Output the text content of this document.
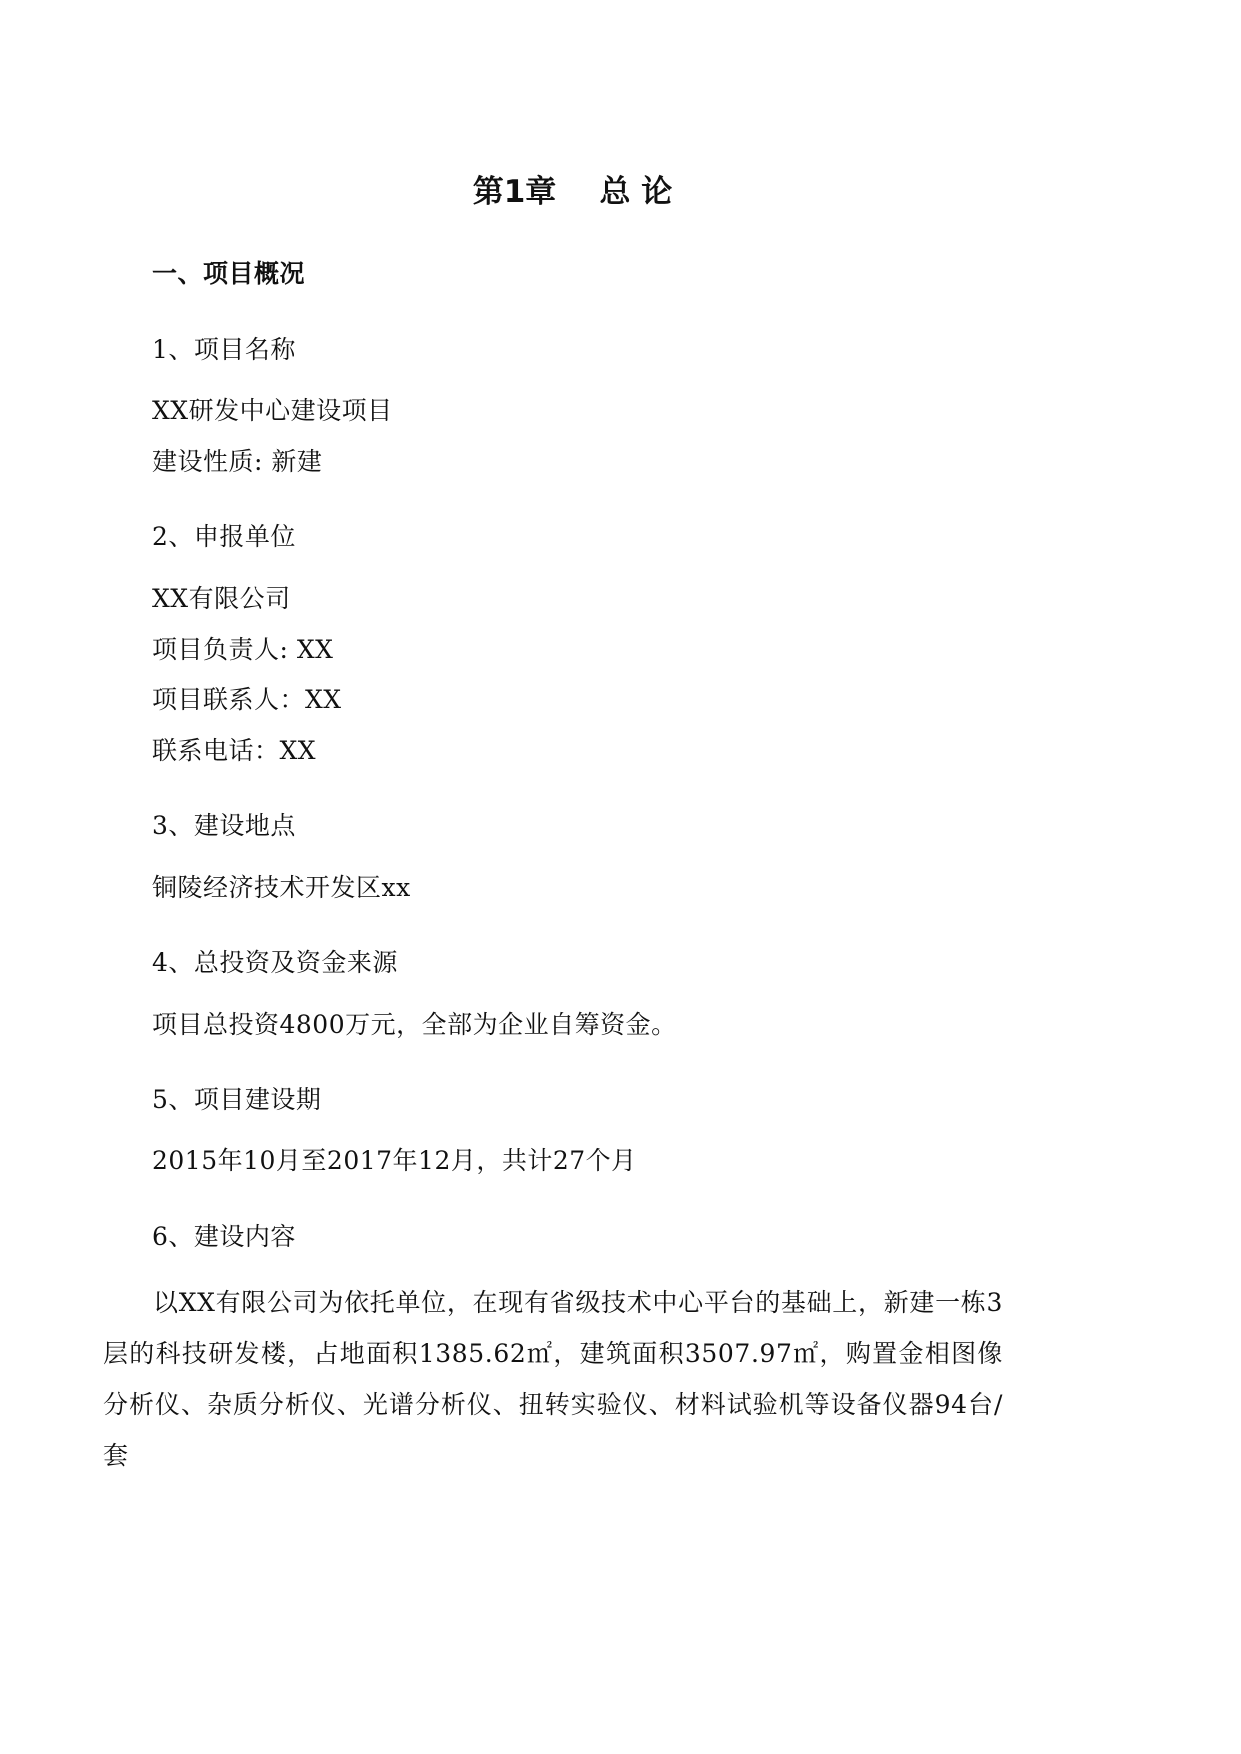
第1章    总 论
一、项目概况
1、项目名称
XX研发中心建设项目
建设性质: 新建
2、申报单位
XX有限公司
项目负责人: XX
项目联系人：XX
联系电话：XX
3、建设地点
铜陵经济技术开发区xx
4、总投资及资金来源
项目总投资4800万元，全部为企业自筹资金。
5、项目建设期
2015年10月至2017年12月，共计27个月
6、建设内容
以XX有限公司为依托单位，在现有省级技术中心平台的基础上，新建一栋3层的科技研发楼，占地面积1385.62㎡，建筑面积3507.97㎡，购置金相图像分析仪、杂质分析仪、光谱分析仪、扭转实验仪、材料试验机等设备仪器94台/套
